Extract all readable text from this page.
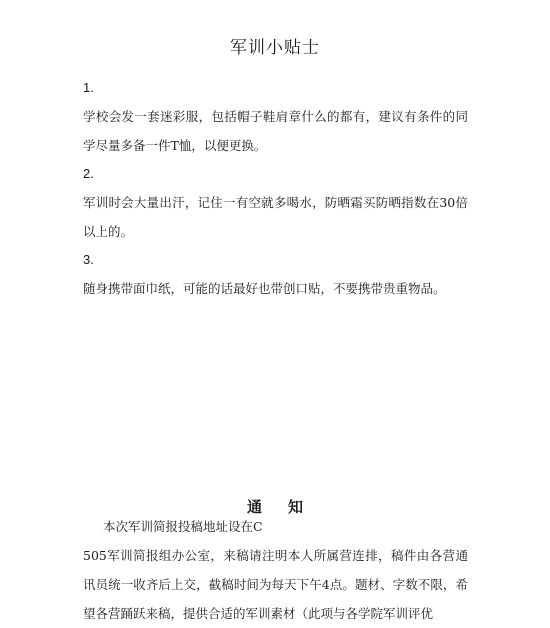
军训小贴士

1.

学校会发一套迷彩服，包括帽子鞋肩章什么的都有，建议有条件的同学尽量多备一件T恤，以便更换。

2.

军训时会大量出汗，记住一有空就多喝水，防晒霜买防晒指数在30倍以上的。

3.

随身携带面巾纸，可能的话最好也带创口贴，不要携带贵重物品。

通知

本次军训简报投稿地址设在C

505军训简报组办公室，来稿请注明本人所属营连排，稿件由各营通讯员统一收齐后上交，截稿时间为每天下午4点。题材、字数不限，希望各营踊跃来稿，提供合适的军训素材（此项与各学院军训评优
